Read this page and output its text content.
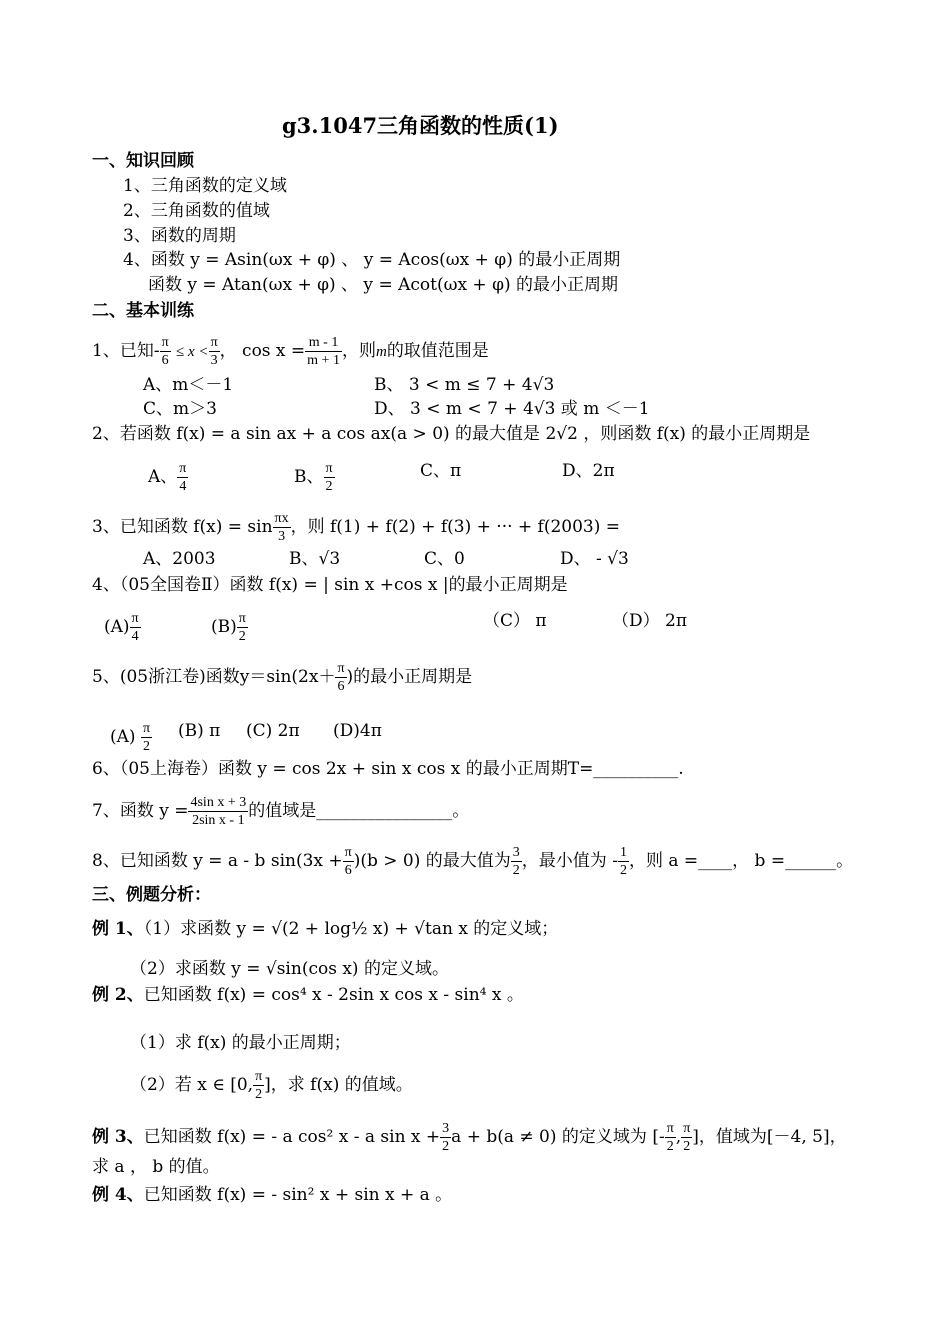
g3.1047三角函数的性质(1)
一、知识回顾
1、三角函数的定义域
2、三角函数的值域
3、函数的周期
4、函数 y = Asin(ωx + φ) 、 y = Acos(ωx + φ) 的最小正周期
函数 y = Atan(ωx + φ) 、 y = Acot(ωx + φ) 的最小正周期
二、基本训练
1、已知- $\frac{\pi}{6} \le x < \frac{\pi}{3}$ ， $\cos x = \frac{m - 1}{m + 1}$ ，则m的取值范围是
A、m＜－1	B、 3 < m ≤ 7 + 4√3
C、m＞3	D、 3 < m < 7 + 4√3 或 m ＜－1
2、若函数 f(x) = a sin ax + a cos ax(a > 0) 的最大值是 2√2 ，则函数 f(x) 的最小正周期是
A、 $\frac{\pi}{4}$	B、 $\frac{\pi}{2}$	C、π	D、2π
3、已知函数 $f(x) = \sin \frac{\pi x}{3}$ ，则 f(1) + f(2) + f(3) + ··· + f(2003) =
A、2003	B、√3	C、0	D、 - √3
4、（05全国卷Ⅱ）函数 f(x) = | sin x +cos x |的最小正周期是
$(A) \frac{\pi}{4}$	$(B) \frac{\pi}{2}$	（C） π	（D） 2π
5、(05浙江卷)函数$y=\sin(2x+ \frac{\pi}{6}$ )的最小正周期是
$(A) \frac{\pi}{2} (B)$ π (C) 2π (D)4π
6、（05上海卷）函数 y = cos 2x + sin x cos x 的最小正周期T=__________.
7、函数 $y = \frac{\text{4sin x + 3}}{\text{2sin x - 1}}$ 的值域是________________。
8、已知函数 y = a - b $\sin(3x + \frac{\pi}{6} )(b > 0)$ 的最大值为 $\frac{3}{2}$ ，最小值为 - $\frac{1}{2}$ ，则 a =____， b =______。
三、例题分析：
例 1、（1）求函数 y = √(2 + log½ x) + √tan x 的定义域；
（2）求函数 y = √sin(cos x) 的定义域。
例 2、已知函数 f(x) = cos⁴ x - 2sin x cos x - sin⁴ x 。
（1）求 f(x) 的最小正周期；
（2）若 x ∈ [0, $\frac{\pi}{2}$ ]，求 f(x) 的值域。
例 3、已知函数 f(x) = - a cos² x - a $\sin x + \frac{3}{2}$ a + b(a ≠ 0) 的定义域为 [- $\frac{\pi}{2}$ , $\frac{\pi}{2}$ ]，值域为[－4, 5]，
求 a ， b 的值。
例 4、已知函数 f(x) = - sin² x + sin x + a 。
